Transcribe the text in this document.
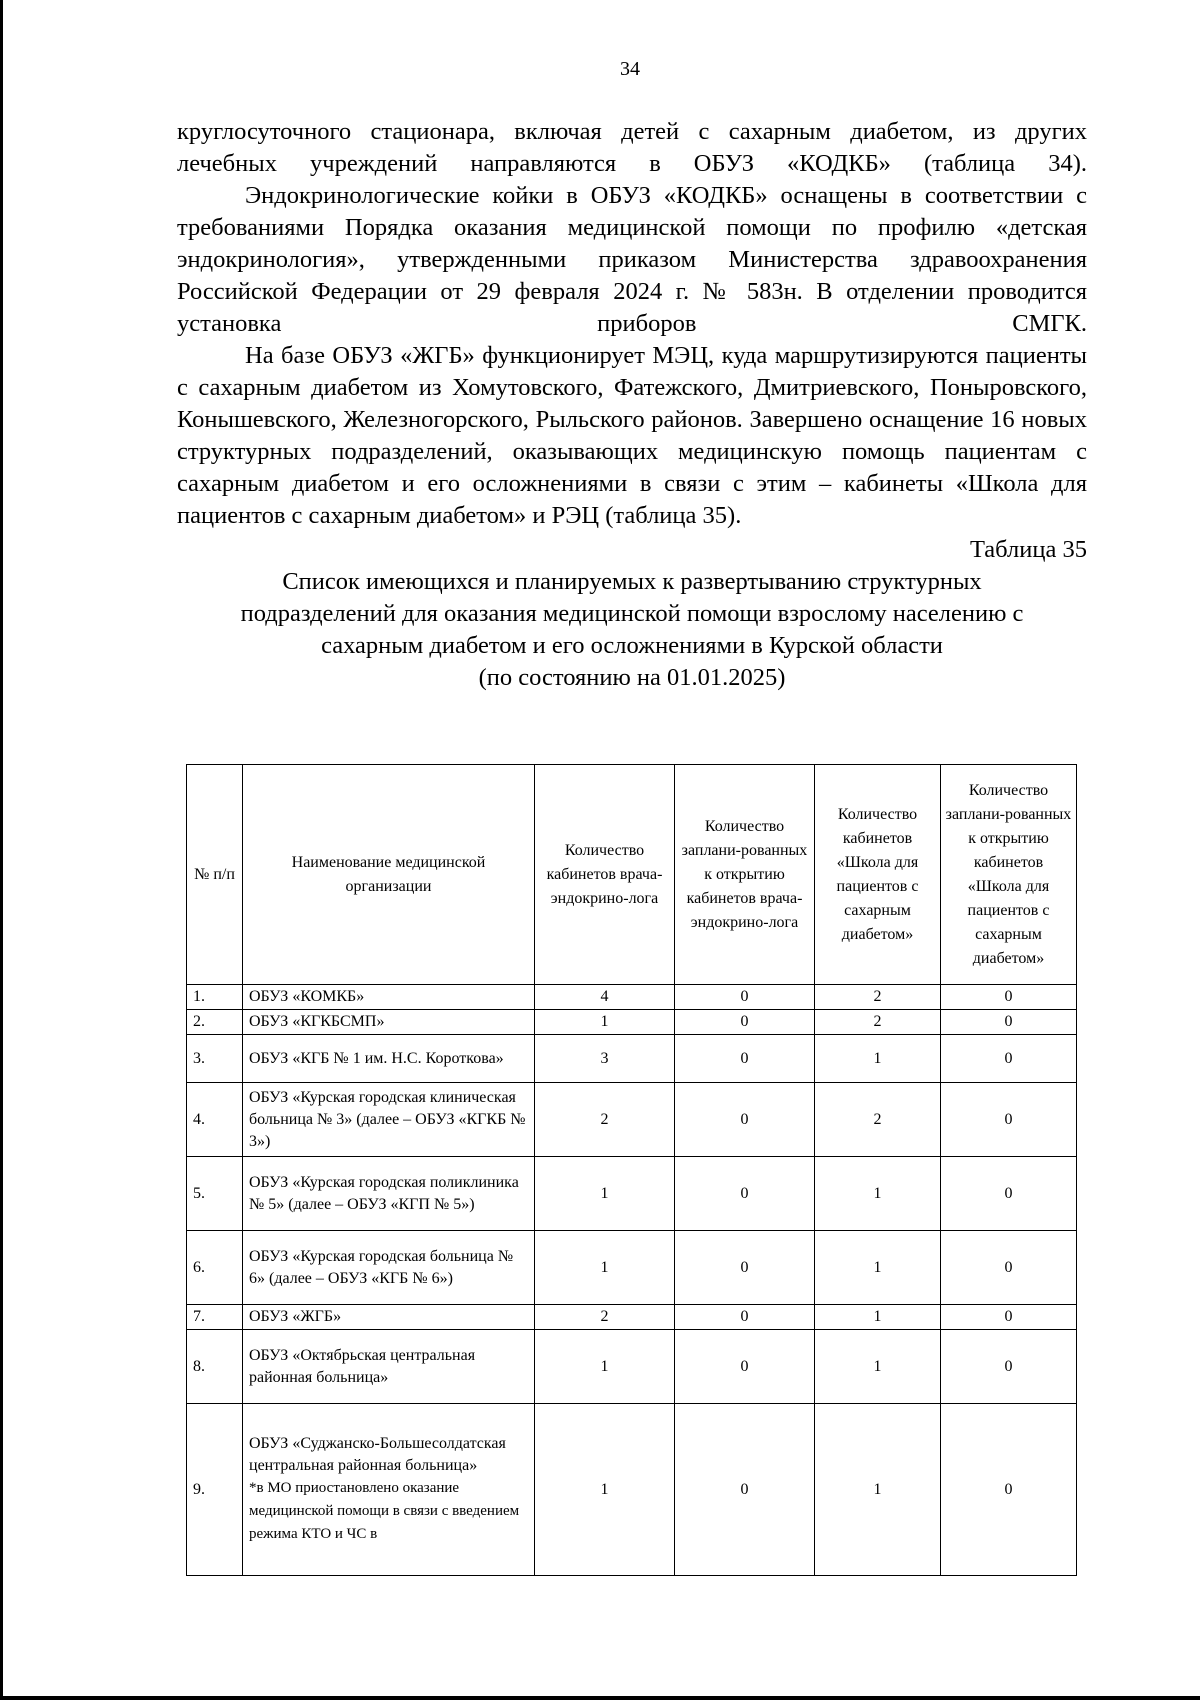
34

круглосуточного стационара, включая детей с сахарным диабетом, из других лечебных учреждений направляются в ОБУЗ «КОДКБ» (таблица 34).

Эндокринологические койки в ОБУЗ «КОДКБ» оснащены в соответствии с требованиями Порядка оказания медицинской помощи по профилю «детская эндокринология», утвержденными приказом Министерства здравоохранения Российской Федерации от 29 февраля 2024 г. № 583н. В отделении проводится установка приборов СМГК.

На базе ОБУЗ «ЖГБ» функционирует МЭЦ, куда маршрутизируются пациенты с сахарным диабетом из Хомутовского, Фатежского, Дмитриевского, Поныровского, Конышевского, Железногорского, Рыльского районов. Завершено оснащение 16 новых структурных подразделений, оказывающих медицинскую помощь пациентам с сахарным диабетом и его осложнениями в связи с этим – кабинеты «Школа для пациентов с сахарным диабетом» и РЭЦ (таблица 35).

Таблица 35

Список имеющихся и планируемых к развертыванию структурных
подразделений для оказания медицинской помощи взрослому населению с
сахарным диабетом и его осложнениями в Курской области
(по состоянию на 01.01.2025)

№ п/п	Наименование медицинской организации	Количество кабинетов врача-эндокрино-лога	Количество заплани-рованных к открытию кабинетов врача-эндокрино-лога	Количество кабинетов «Школа для пациентов с сахарным диабетом»	Количество заплани-рованных к открытию кабинетов «Школа для пациентов с сахарным диабетом»
1.	ОБУЗ «КОМКБ»	4	0	2	0
2.	ОБУЗ «КГКБСМП»	1	0	2	0
3.	ОБУЗ «КГБ № 1 им. Н.С. Короткова»	3	0	1	0
4.	ОБУЗ «Курская городская клиническая больница № 3» (далее – ОБУЗ «КГКБ № 3»)	2	0	2	0
5.	ОБУЗ «Курская городская поликлиника № 5» (далее – ОБУЗ «КГП № 5»)	1	0	1	0
6.	ОБУЗ «Курская городская больница № 6» (далее – ОБУЗ «КГБ № 6»)	1	0	1	0
7.	ОБУЗ «ЖГБ»	2	0	1	0
8.	ОБУЗ «Октябрьская центральная районная больница»	1	0	1	0
9.	ОБУЗ «Суджанско-Большесолдатская центральная районная больница»
*в МО приостановлено оказание медицинской помощи в связи с введением режима КТО и ЧС в	1	0	1	0
